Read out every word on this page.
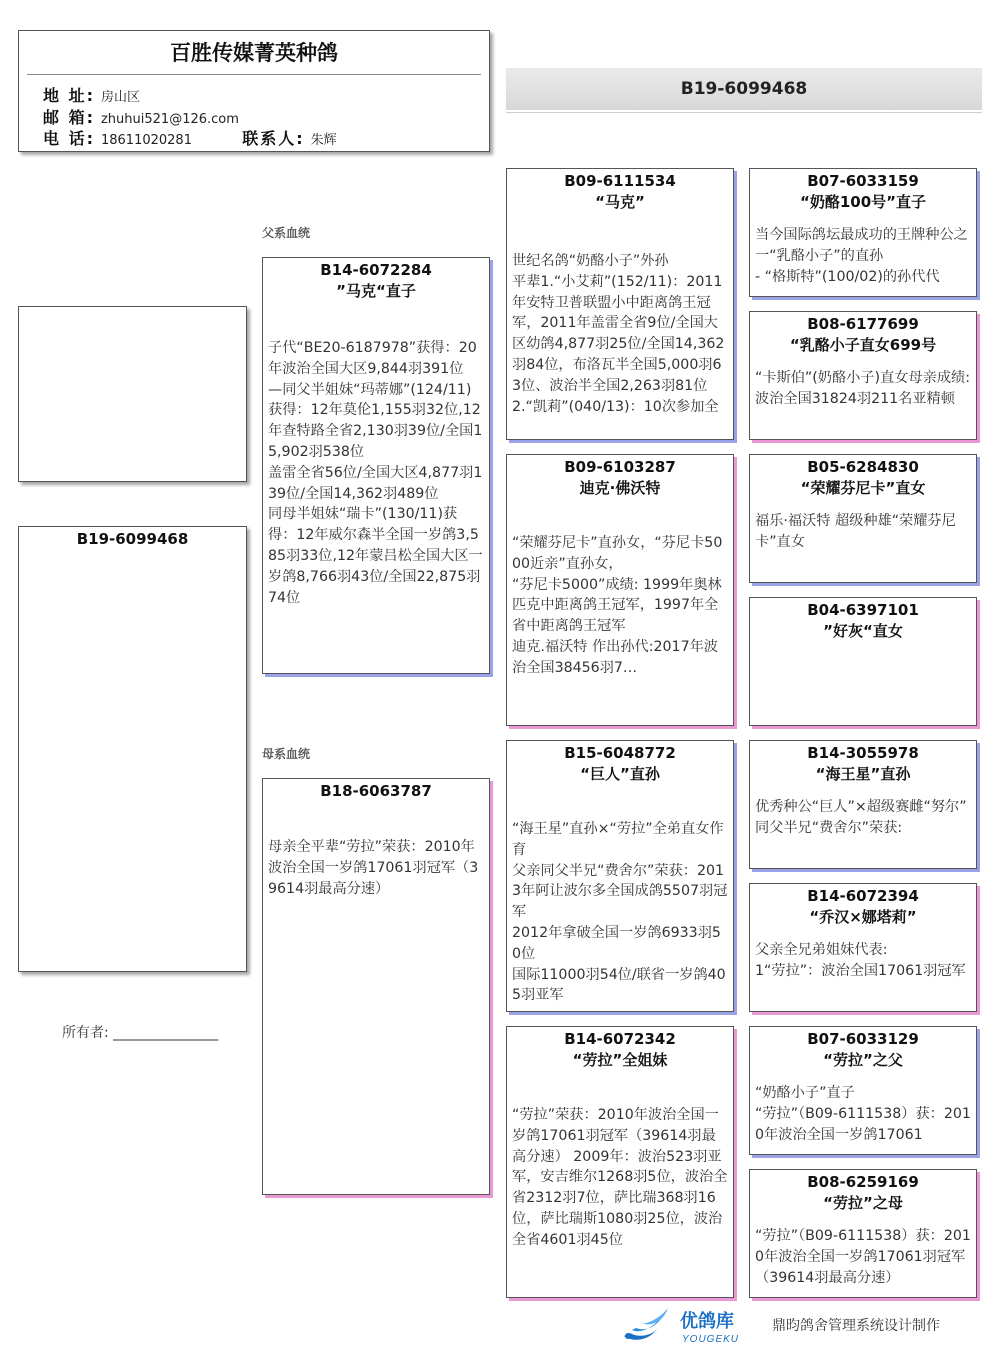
百胜传媒菁英种鸽
地 址: 房山区
邮 箱: zhuhui521@126.com
电 话: 18611020281	联系人: 朱辉
B19-6099468
B19-6099468
所有者: _______________
父系血统
母系血统
B14-6072284
”马克“直子
子代“BE20-6187978”获得：20年波治全国大区9,844羽391位
—同父半姐妹“玛蒂娜”(124/11)获得：12年莫伦1,155羽32位,12年查特路全省2,130羽39位/全国15,902羽538位
盖雷全省56位/全国大区4,877羽139位/全国14,362羽489位
同母半姐妹“瑞卡”(130/11)获得：12年威尔森半全国一岁鸽3,585羽33位,12年蒙吕松全国大区一岁鸽8,766羽43位/全国22,875羽74位
B18-6063787
母亲全平辈“劳拉”荣获：2010年波治全国一岁鸽17061羽冠军（39614羽最高分速）
B09-6111534
“马克”
世纪名鸽“奶酪小子”外孙
平辈1.“小艾莉”(152/11)：2011年安特卫普联盟小中距离鸽王冠军，2011年盖雷全省9位/全国大区幼鸽4,877羽25位/全国14,362羽84位，布洛瓦半全国5,000羽63位、波治半全国2,263羽81位
2.“凯莉”(040/13)：10次参加全
B09-6103287
迪克·佛沃特
“荣耀芬尼卡”直孙女，“芬尼卡5000近亲”直孙女，
“芬尼卡5000”成绩: 1999年奥林匹克中距离鸽王冠军，1997年全省中距离鸽王冠军
迪克.福沃特 作出孙代:2017年波治全国38456羽7…
B15-6048772
“巨人”直孙
“海王星”直孙×“劳拉”全弟直女作育
父亲同父半兄“费舍尔”荣获：2013年阿让波尔多全国成鸽5507羽冠军
2012年拿破全国一岁鸽6933羽50位
国际11000羽54位/联省一岁鸽405羽亚军
B14-6072342
“劳拉”全姐妹
“劳拉”荣获：2010年波治全国一岁鸽17061羽冠军（39614羽最高分速） 2009年：波治523羽亚军，安吉维尔1268羽5位，波治全省2312羽7位，萨比瑞368羽16位，萨比瑞斯1080羽25位，波治全省4601羽45位
B07-6033159
“奶酪100号”直子
当今国际鸽坛最成功的王牌种公之一“乳酪小子”的直孙
- “格斯特”(100/02)的孙代代
B08-6177699
“乳酪小子直女699号
“卡斯伯”(奶酪小子)直女母亲成绩:
波治全国31824羽211名亚精顿
B05-6284830
“荣耀芬尼卡”直女
福乐·福沃特 超级种雄“荣耀芬尼卡”直女
B04-6397101
”好灰“直女
B14-3055978
“海王星”直孙
优秀种公“巨人”×超级赛雌“努尔”
同父半兄“费舍尔”荣获:
B14-6072394
“乔汉×娜塔莉”
父亲全兄弟姐妹代表:
1“劳拉”：波治全国17061羽冠军
B07-6033129
“劳拉”之父
“奶酪小子”直子
“劳拉”（B09-6111538）获：2010年波治全国一岁鸽17061
B08-6259169
“劳拉”之母
“劳拉”（B09-6111538）获：2010年波治全国一岁鸽17061羽冠军（39614羽最高分速）
优鸽库
YOUGEKU
鼎昀鸽舍管理系统设计制作
